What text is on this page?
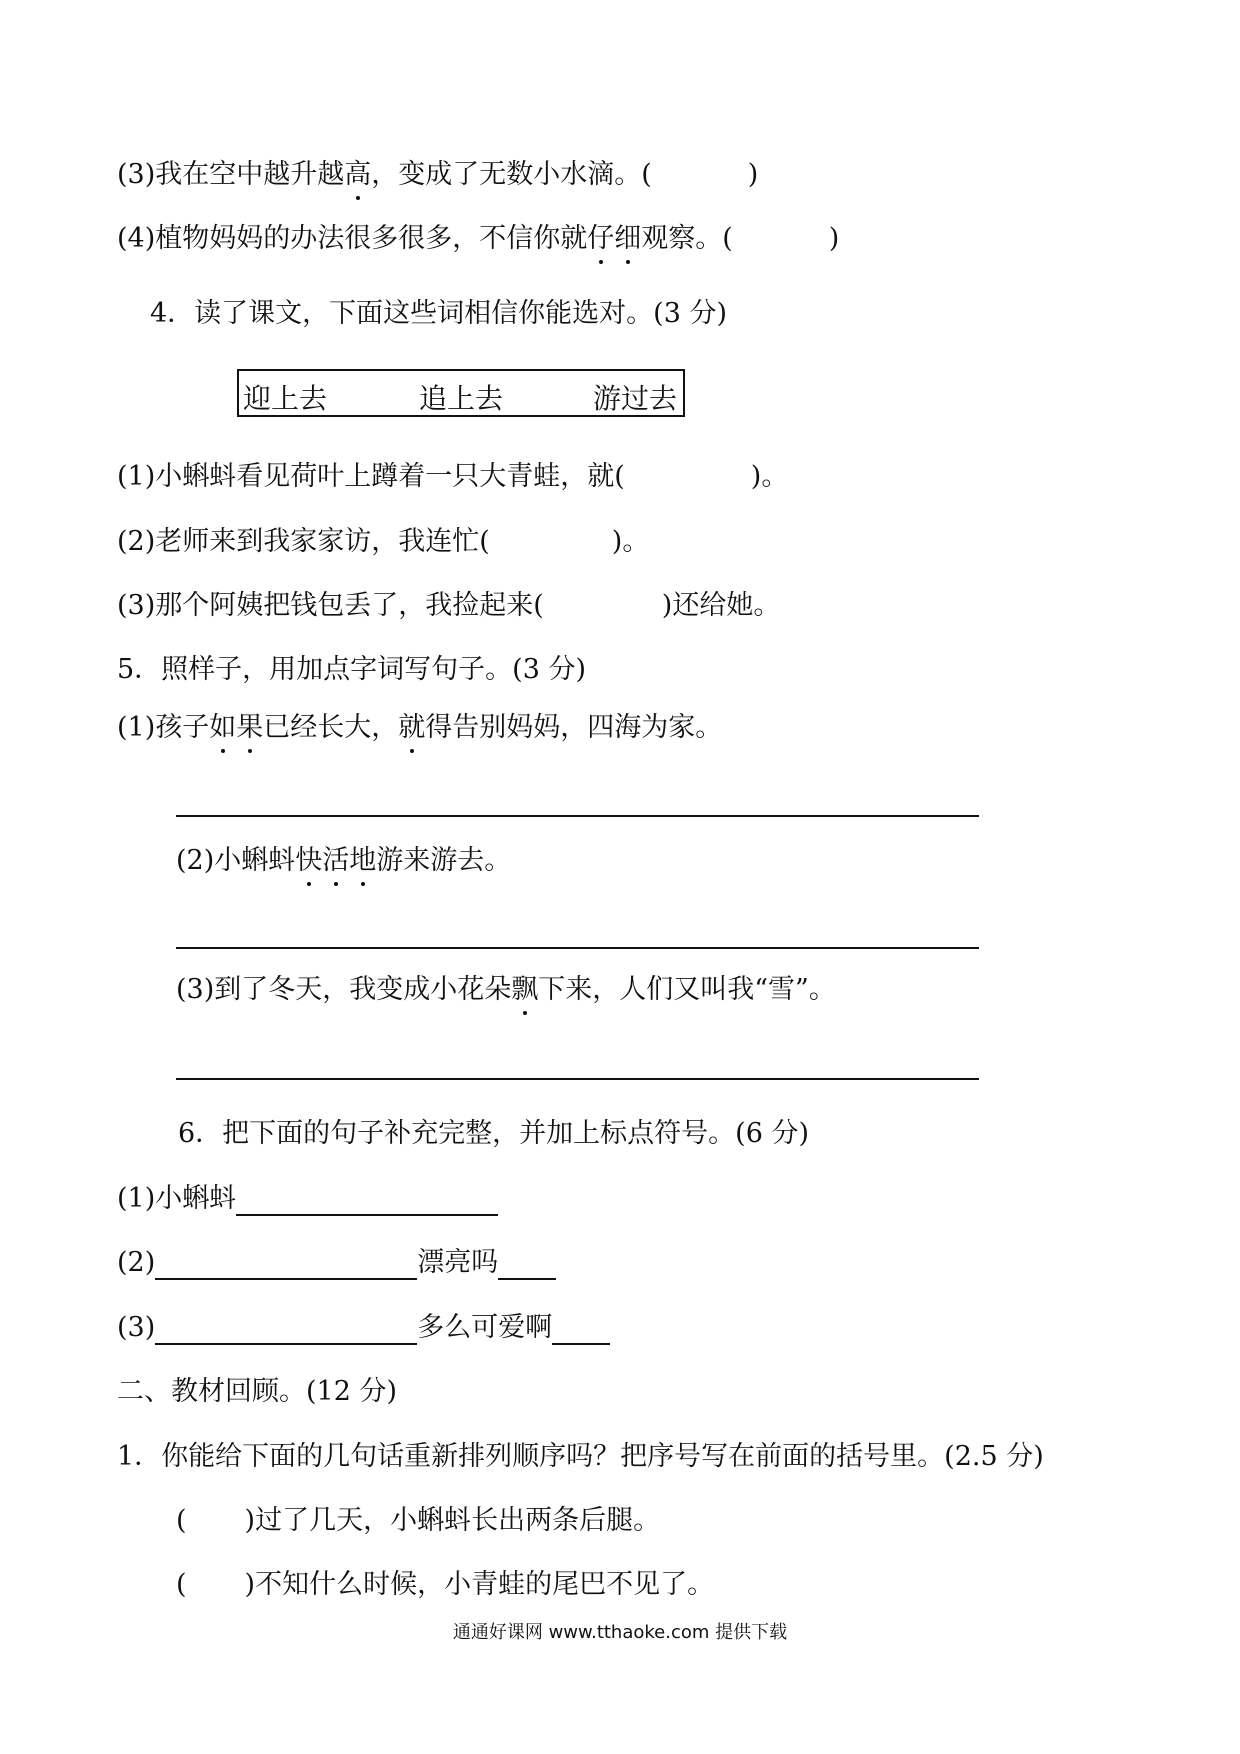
(3)我在空中越升越高，变成了无数小水滴。(	)
(4)植物妈妈的办法很多很多，不信你就仔细观察。(	)
4．读了课文，下面这些词相信你能选对。(3 分)
迎上去	追上去	游过去
(1)小蝌蚪看见荷叶上蹲着一只大青蛙，就(	)。
(2)老师来到我家家访，我连忙(	)。
(3)那个阿姨把钱包丢了，我捡起来(	)还给她。
5．照样子，用加点字词写句子。(3 分)
(1)孩子如果已经长大，就得告别妈妈，四海为家。
(2)小蝌蚪快活地游来游去。
(3)到了冬天，我变成小花朵飘下来，人们又叫我“雪”。
6．把下面的句子补充完整，并加上标点符号。(6 分)
(1)小蝌蚪
(2)	漂亮吗
(3)	多么可爱啊
二、教材回顾。(12 分)
1．你能给下面的几句话重新排列顺序吗？把序号写在前面的括号里。(2.5 分)
( )过了几天，小蝌蚪长出两条后腿。
( )不知什么时候，小青蛙的尾巴不见了。
通通好课网 www.tthaoke.com 提供下载
